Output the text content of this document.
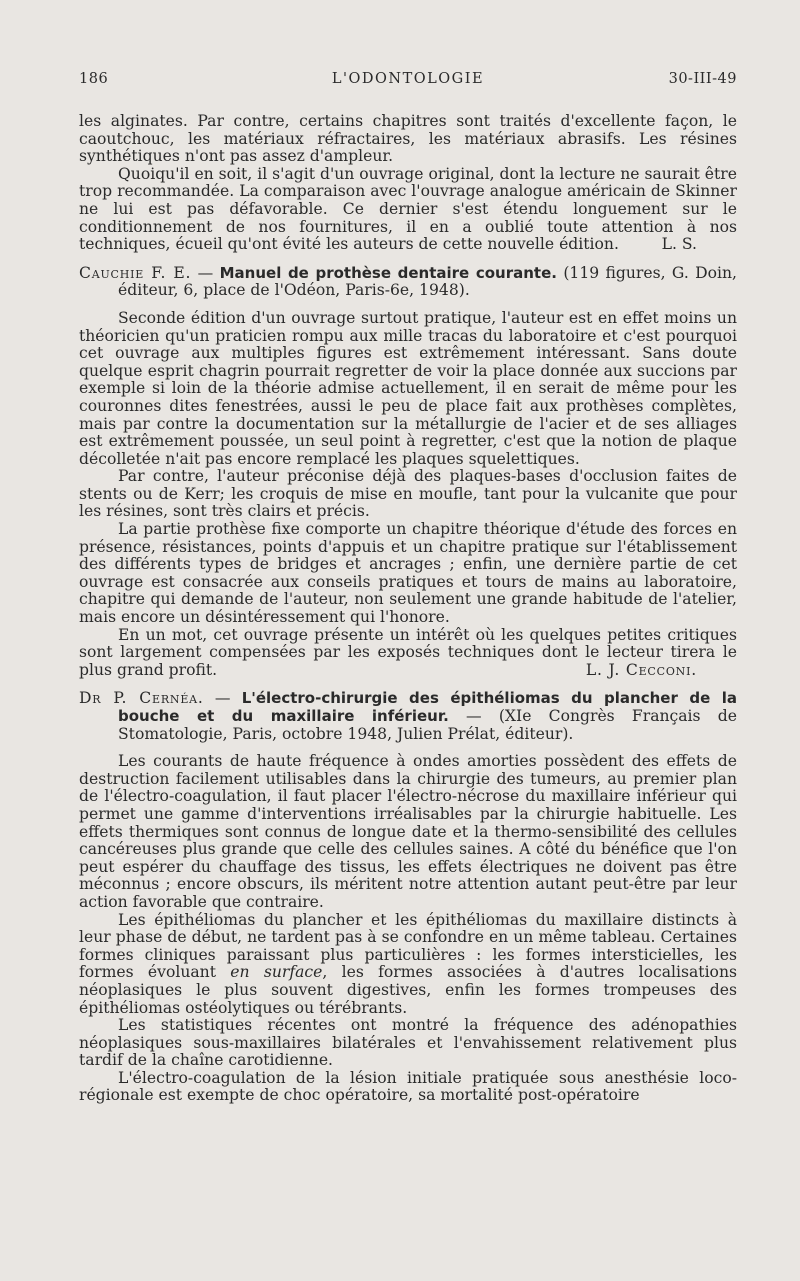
186	L'ODONTOLOGIE	30-III-49

les alginates. Par contre, certains chapitres sont traités d'excellente façon, le caoutchouc, les matériaux réfractaires, les matériaux abrasifs. Les résines synthétiques n'ont pas assez d'ampleur.

Quoiqu'il en soit, il s'agit d'un ouvrage original, dont la lecture ne saurait être trop recommandée. La comparaison avec l'ouvrage analogue américain de Skinner ne lui est pas défavorable. Ce dernier s'est étendu longuement sur le conditionnement de nos fournitures, il en a oublié toute attention à nos techniques, écueil qu'ont évité les auteurs de cette nouvelle édition.	L. S.

Cauchie F. E. — Manuel de prothèse dentaire courante. (119 figures, G. Doin, éditeur, 6, place de l'Odéon, Paris-6e, 1948).

Seconde édition d'un ouvrage surtout pratique, l'auteur est en effet moins un théoricien qu'un praticien rompu aux mille tracas du laboratoire et c'est pourquoi cet ouvrage aux multiples figures est extrêmement intéressant. Sans doute quelque esprit chagrin pourrait regretter de voir la place donnée aux succions par exemple si loin de la théorie admise actuellement, il en serait de même pour les couronnes dites fenestrées, aussi le peu de place fait aux prothèses complètes, mais par contre la documentation sur la métallurgie de l'acier et de ses alliages est extrêmement poussée, un seul point à regretter, c'est que la notion de plaque décolletée n'ait pas encore remplacé les plaques squelettiques.

Par contre, l'auteur préconise déjà des plaques-bases d'occlusion faites de stents ou de Kerr; les croquis de mise en moufle, tant pour la vulcanite que pour les résines, sont très clairs et précis.

La partie prothèse fixe comporte un chapitre théorique d'étude des forces en présence, résistances, points d'appuis et un chapitre pratique sur l'établissement des différents types de bridges et ancrages ; enfin, une dernière partie de cet ouvrage est consacrée aux conseils pratiques et tours de mains au laboratoire, chapitre qui demande de l'auteur, non seulement une grande habitude de l'atelier, mais encore un désintéressement qui l'honore.

En un mot, cet ouvrage présente un intérêt où les quelques petites critiques sont largement compensées par les exposés techniques dont le lecteur tirera le plus grand profit.	L. J. Cecconi.

Dr P. Cernéa. — L'électro-chirurgie des épithéliomas du plancher de la bouche et du maxillaire inférieur. — (XIe Congrès Français de Stomatologie, Paris, octobre 1948, Julien Prélat, éditeur).

Les courants de haute fréquence à ondes amorties possèdent des effets de destruction facilement utilisables dans la chirurgie des tumeurs, au premier plan de l'électro-coagulation, il faut placer l'électro-nécrose du maxillaire inférieur qui permet une gamme d'interventions irréalisables par la chirurgie habituelle. Les effets thermiques sont connus de longue date et la thermo-sensibilité des cellules cancéreuses plus grande que celle des cellules saines. A côté du bénéfice que l'on peut espérer du chauffage des tissus, les effets électriques ne doivent pas être méconnus ; encore obscurs, ils méritent notre attention autant peut-être par leur action favorable que contraire.

Les épithéliomas du plancher et les épithéliomas du maxillaire distincts à leur phase de début, ne tardent pas à se confondre en un même tableau. Certaines formes cliniques paraissant plus particulières : les formes intersticielles, les formes évoluant en surface, les formes associées à d'autres localisations néoplasiques le plus souvent digestives, enfin les formes trompeuses des épithéliomas ostéolytiques ou térébrants.

Les statistiques récentes ont montré la fréquence des adénopathies néoplasiques sous-maxillaires bilatérales et l'envahissement relativement plus tardif de la chaîne carotidienne.

L'électro-coagulation de la lésion initiale pratiquée sous anesthésie loco-régionale est exempte de choc opératoire, sa mortalité post-opératoire
